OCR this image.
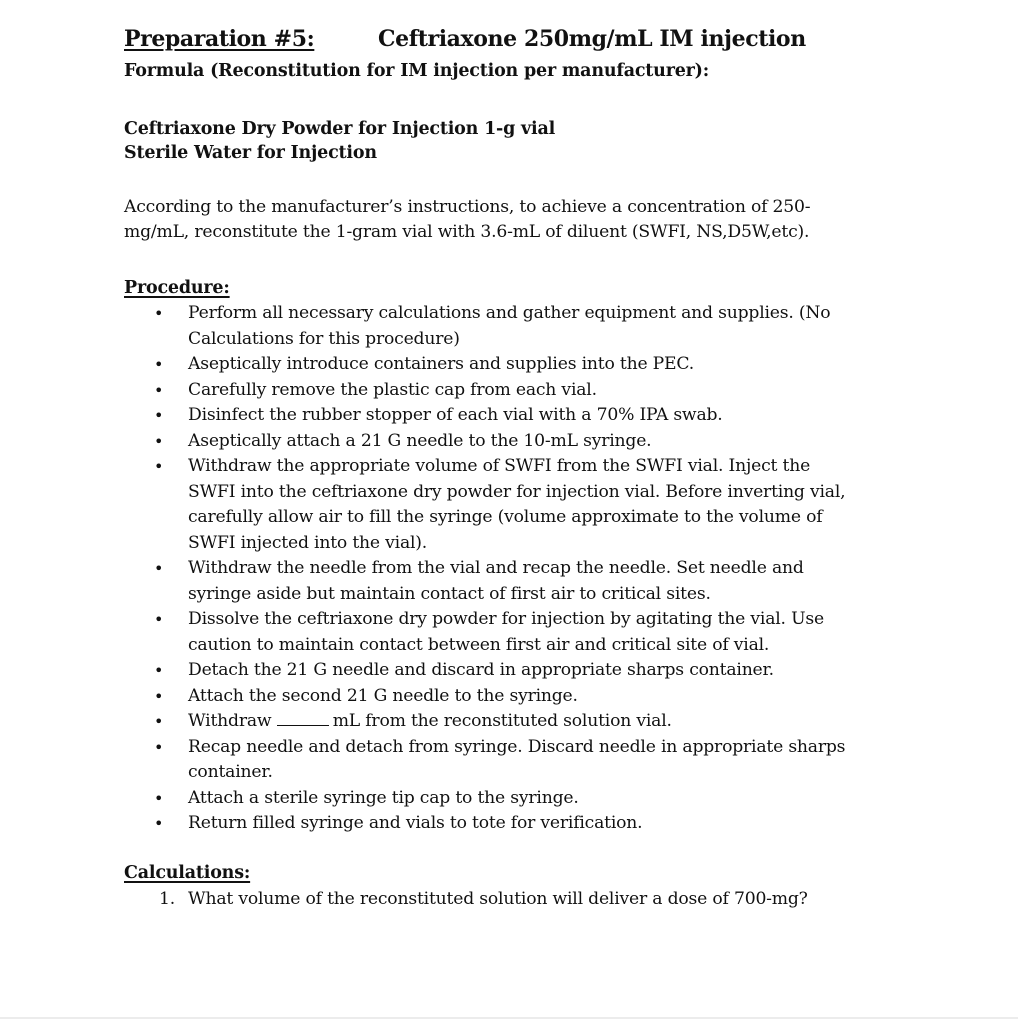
Preparation #5:	Ceftriaxone 250mg/mL IM injection
Formula (Reconstitution for IM injection per manufacturer):
Ceftriaxone Dry Powder for Injection 1-g vial
Sterile Water for Injection
According to the manufacturer’s instructions, to achieve a concentration of 250-
mg/mL, reconstitute the 1-gram vial with 3.6-mL of diluent (SWFI, NS,D5W,etc).
Procedure:
• Perform all necessary calculations and gather equipment and supplies. (No
Calculations for this procedure)
• Aseptically introduce containers and supplies into the PEC.
• Carefully remove the plastic cap from each vial.
• Disinfect the rubber stopper of each vial with a 70% IPA swab.
• Aseptically attach a 21 G needle to the 10-mL syringe.
• Withdraw the appropriate volume of SWFI from the SWFI vial. Inject the
SWFI into the ceftriaxone dry powder for injection vial. Before inverting vial,
carefully allow air to fill the syringe (volume approximate to the volume of
SWFI injected into the vial).
• Withdraw the needle from the vial and recap the needle. Set needle and
syringe aside but maintain contact of first air to critical sites.
• Dissolve the ceftriaxone dry powder for injection by agitating the vial. Use
caution to maintain contact between first air and critical site of vial.
• Detach the 21 G needle and discard in appropriate sharps container.
• Attach the second 21 G needle to the syringe.
• Withdraw	mL from the reconstituted solution vial.
• Recap needle and detach from syringe. Discard needle in appropriate sharps
container.
• Attach a sterile syringe tip cap to the syringe.
• Return filled syringe and vials to tote for verification.
Calculations:
1. What volume of the reconstituted solution will deliver a dose of 700-mg?
